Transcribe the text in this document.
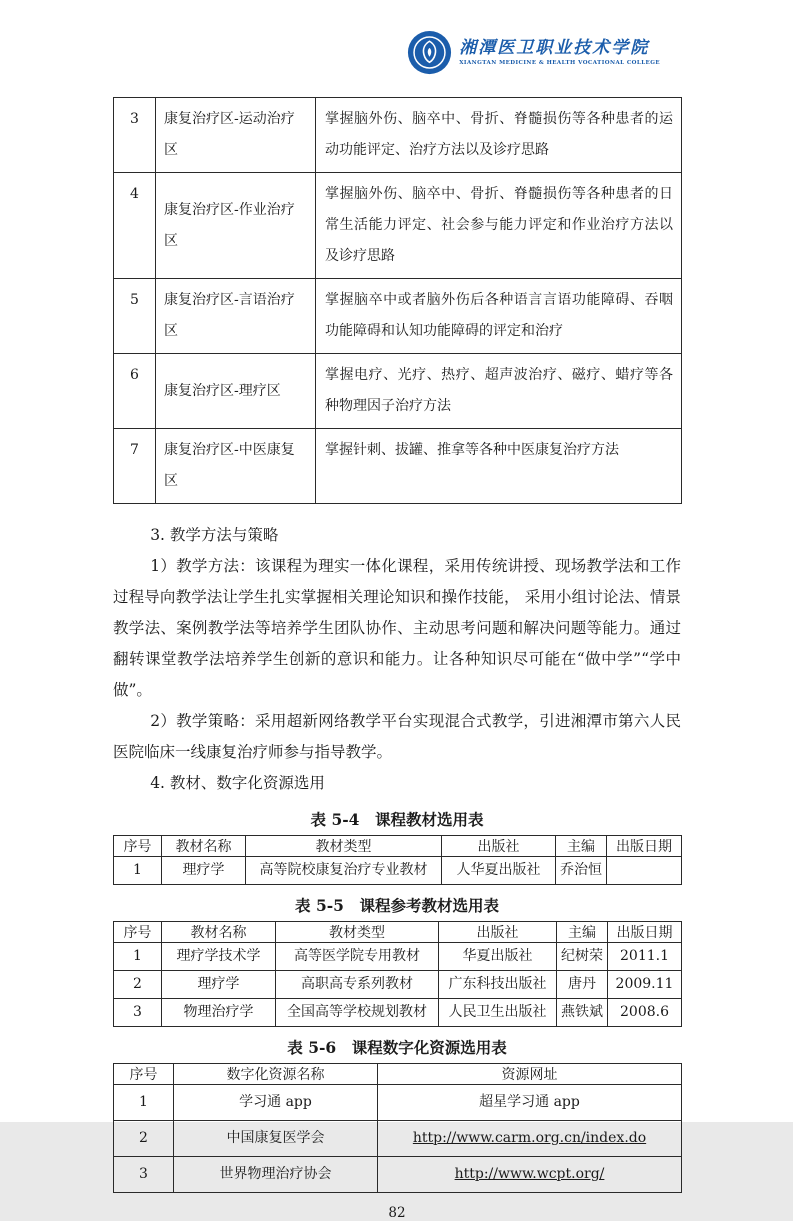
湘潭医卫职业技术学院
XIANGTAN MEDICINE & HEALTH VOCATIONAL COLLEGE
3	康复治疗区-运动治疗区	掌握脑外伤、脑卒中、骨折、脊髓损伤等各种患者的运动功能评定、治疗方法以及诊疗思路
4	康复治疗区-作业治疗区	掌握脑外伤、脑卒中、骨折、脊髓损伤等各种患者的日常生活能力评定、社会参与能力评定和作业治疗方法以及诊疗思路
5	康复治疗区-言语治疗区	掌握脑卒中或者脑外伤后各种语言言语功能障碍、吞咽功能障碍和认知功能障碍的评定和治疗
6	康复治疗区-理疗区	掌握电疗、光疗、热疗、超声波治疗、磁疗、蜡疗等各种物理因子治疗方法
7	康复治疗区-中医康复区	掌握针刺、拔罐、推拿等各种中医康复治疗方法

3. 教学方法与策略

1）教学方法：该课程为理实一体化课程，采用传统讲授、现场教学法和工作过程导向教学法让学生扎实掌握相关理论知识和操作技能， 采用小组讨论法、情景教学法、案例教学法等培养学生团队协作、主动思考问题和解决问题等能力。通过翻转课堂教学法培养学生创新的意识和能力。让各种知识尽可能在“做中学”“学中做”。

2）教学策略：采用超新网络教学平台实现混合式教学，引进湘潭市第六人民医院临床一线康复治疗师参与指导教学。

4. 教材、数字化资源选用

表 5-4　课程教材选用表
序号	教材名称	教材类型	出版社	主编	出版日期
1	理疗学	高等院校康复治疗专业教材	人华夏出版社	乔治恒	
表 5-5　课程参考教材选用表
序号	教材名称	教材类型	出版社	主编	出版日期
1	理疗学技术学	高等医学院专用教材	华夏出版社	纪树荣	2011.1
2	理疗学	高职高专系列教材	广东科技出版社	唐丹	2009.11
3	物理治疗学	全国高等学校规划教材	人民卫生出版社	燕铁斌	2008.6
表 5-6　课程数字化资源选用表
序号	数字化资源名称	资源网址
1	学习通 app	超星学习通 app
2	中国康复医学会	http://www.carm.org.cn/index.do
3	世界物理治疗协会	http://www.wcpt.org/
82
